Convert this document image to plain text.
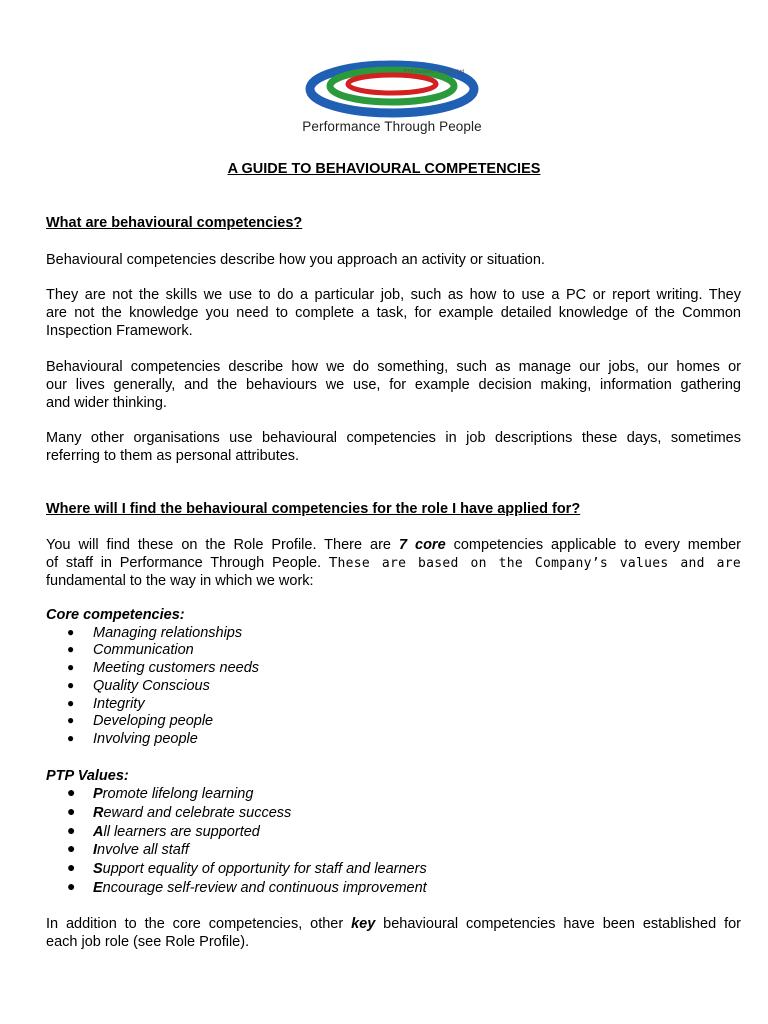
PTP Business Services Ltd
Performance Through People
A GUIDE TO BEHAVIOURAL COMPETENCIES
What are behavioural competencies?
Behavioural competencies describe how you approach an activity or situation.
They are not the skills we use to do a particular job, such as how to use a PC or report writing. They
are not the knowledge you need to complete a task, for example detailed knowledge of the Common
Inspection Framework.
Behavioural competencies describe how we do something, such as manage our jobs, our homes or
our lives generally, and the behaviours we use, for example decision making, information gathering
and wider thinking.
Many other organisations use behavioural competencies in job descriptions these days, sometimes
referring to them as personal attributes.
Where will I find the behavioural competencies for the role I have applied for?
You will find these on the Role Profile. There are 7 core competencies applicable to every member
of staff in Performance Through People. These are based on the Company’s values and are
fundamental to the way in which we work:
Core competencies:
● Managing relationships
● Communication
● Meeting customers needs
● Quality Conscious
● Integrity
● Developing people
● Involving people
PTP Values:
● Promote lifelong learning
● Reward and celebrate success
● All learners are supported
● Involve all staff
● Support equality of opportunity for staff and learners
● Encourage self-review and continuous improvement
In addition to the core competencies, other key behavioural competencies have been established for
each job role (see Role Profile).
